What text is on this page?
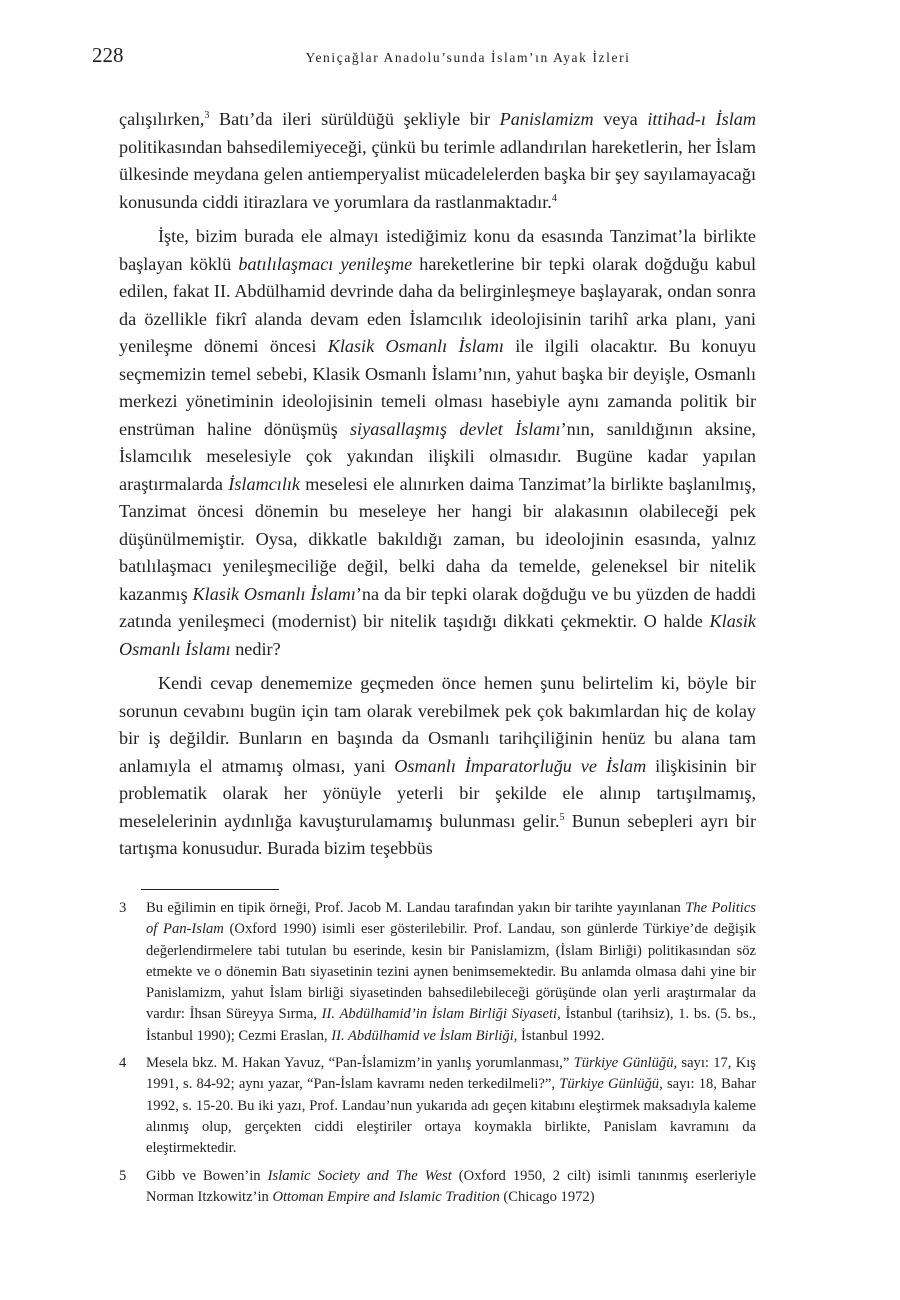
228	Yeniçağlar Anadolu’sunda İslam’ın Ayak İzleri

çalışılırken,$^3$ Batı’da ileri sürüldüğü şekliyle bir Panislamizm veya ittihad-ı İslam politikasından bahsedilemiyeceği, çünkü bu terimle adlandırılan hareketlerin, her İslam ülkesinde meydana gelen antiemperyalist mücadelelerden başka bir şey sayılamayacağı konusunda ciddi itirazlara ve yorumlara da rastlanmaktadır.$^4$

İşte, bizim burada ele almayı istediğimiz konu da esasında Tanzimat’la birlikte başlayan köklü batılılaşmacı yenileşme hareketlerine bir tepki olarak doğduğu kabul edilen, fakat II. Abdülhamid devrinde daha da belirginleşmeye başlayarak, ondan sonra da özellikle fikrî alanda devam eden İslamcılık ideolojisinin tarihî arka planı, yani yenileşme dönemi öncesi Klasik Osmanlı İslamı ile ilgili olacaktır. Bu konuyu seçmemizin temel sebebi, Klasik Osmanlı İslamı’nın, yahut başka bir deyişle, Osmanlı merkezi yönetiminin ideolojisinin temeli olması hasebiyle aynı zamanda politik bir enstrüman haline dönüşmüş siyasallaşmış devlet İslamı’nın, sanıldığının aksine, İslamcılık meselesiyle çok yakından ilişkili olmasıdır. Bugüne kadar yapılan araştırmalarda İslamcılık meselesi ele alınırken daima Tanzimat’la birlikte başlanılmış, Tanzimat öncesi dönemin bu meseleye her hangi bir alakasının olabileceği pek düşünülmemiştir. Oysa, dikkatle bakıldığı zaman, bu ideolojinin esasında, yalnız batılılaşmacı yenileşmeciliğe değil, belki daha da temelde, geleneksel bir nitelik kazanmış Klasik Osmanlı İslamı’na da bir tepki olarak doğduğu ve bu yüzden de haddi zatında yenileşmeci (modernist) bir nitelik taşıdığı dikkati çekmektir. O halde Klasik Osmanlı İslamı nedir?

Kendi cevap denememize geçmeden önce hemen şunu belirtelim ki, böyle bir sorunun cevabını bugün için tam olarak verebilmek pek çok bakımlardan hiç de kolay bir iş değildir. Bunların en başında da Osmanlı tarihçiliğinin henüz bu alana tam anlamıyla el atmamış olması, yani Osmanlı İmparatorluğu ve İslam ilişkisinin bir problematik olarak her yönüyle yeterli bir şekilde ele alınıp tartışılmamış, meselelerinin aydınlığa kavuşturulamamış bulunması gelir.$^5$ Bunun sebepleri ayrı bir tartışma konusudur. Burada bizim teşebbüs

3	Bu eğilimin en tipik örneği, Prof. Jacob M. Landau tarafından yakın bir tarihte yayınlanan The Politics of Pan-Islam (Oxford 1990) isimli eser gösterilebilir. Prof. Landau, son günlerde Türkiye’de değişik değerlendirmelere tabi tutulan bu eserinde, kesin bir Panislamizm, (İslam Birliği) politikasından söz etmekte ve o dönemin Batı siyasetinin tezini aynen benimsemektedir. Bu anlamda olmasa dahi yine bir Panislamizm, yahut İslam birliği siyasetinden bahsedilebileceği görüşünde olan yerli araştırmalar da vardır: İhsan Süreyya Sırma, II. Abdülhamid’in İslam Birliği Siyaseti, İstanbul (tarihsiz), 1. bs. (5. bs., İstanbul 1990); Cezmi Eraslan, II. Abdülhamid ve İslam Birliği, İstanbul 1992.
4	Mesela bkz. M. Hakan Yavuz, “Pan-İslamizm’in yanlış yorumlanması,” Türkiye Günlüğü, sayı: 17, Kış 1991, s. 84-92; aynı yazar, “Pan-İslam kavramı neden terkedilmeli?”, Türkiye Günlüğü, sayı: 18, Bahar 1992, s. 15-20. Bu iki yazı, Prof. Landau’nun yukarıda adı geçen kitabını eleştirmek maksadıyla kaleme alınmış olup, gerçekten ciddi eleştiriler ortaya koymakla birlikte, Panislam kavramını da eleştirmektedir.
5	Gibb ve Bowen’in Islamic Society and The West (Oxford 1950, 2 cilt) isimli tanınmış eserleriyle Norman Itzkowitz’in Ottoman Empire and Islamic Tradition (Chicago 1972)
